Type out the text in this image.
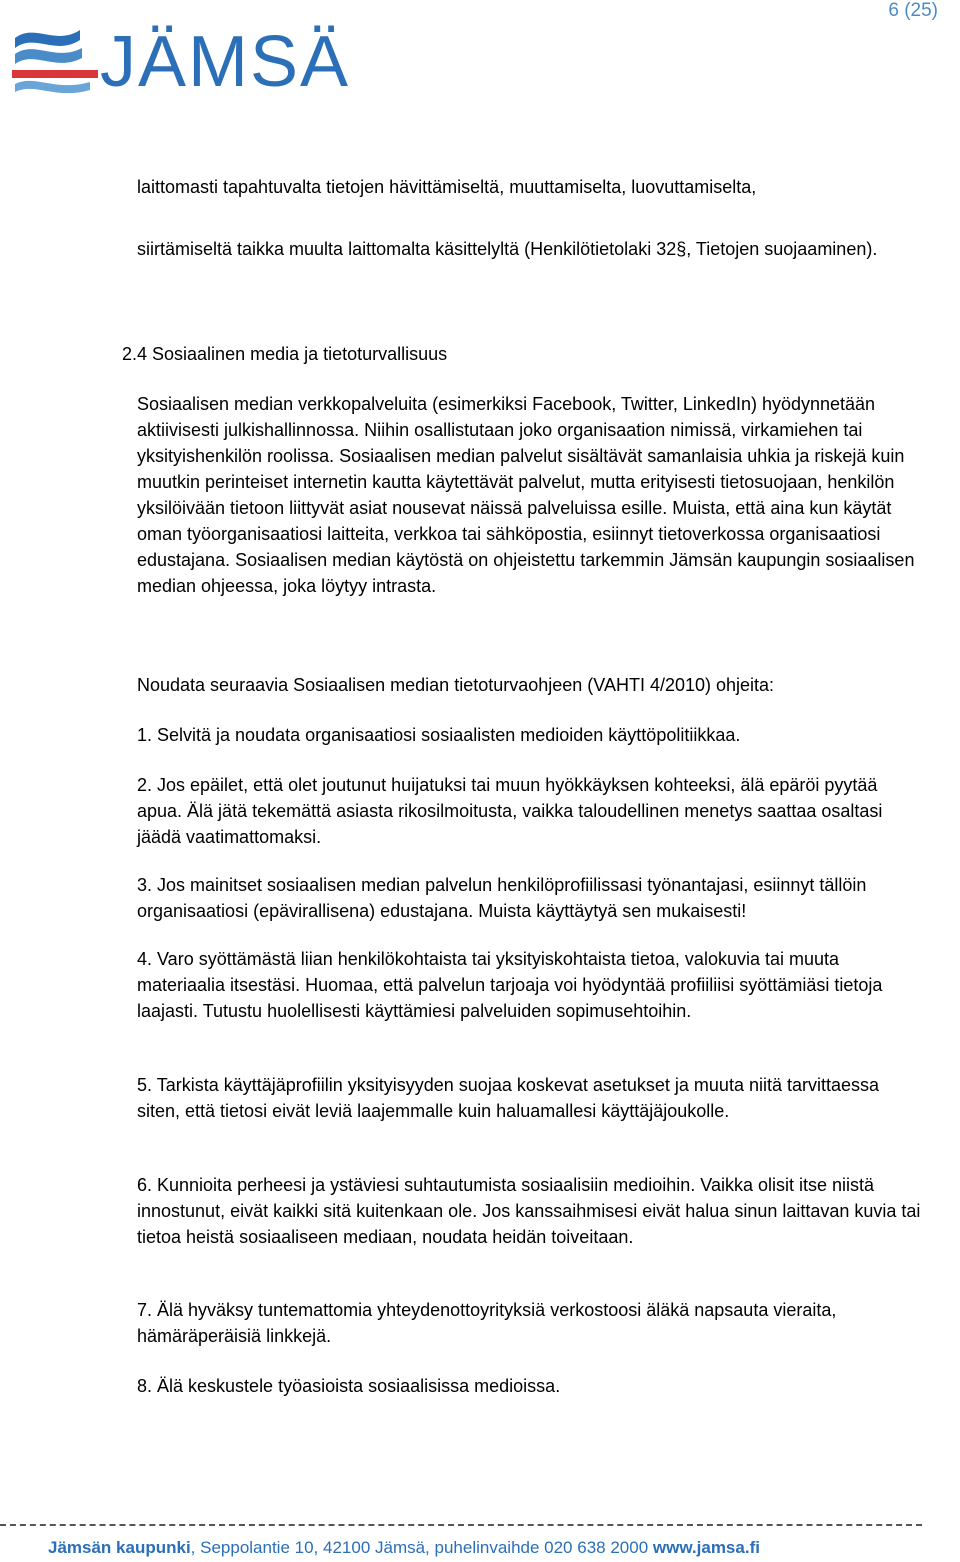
6 (25)
JÄMSÄ

laittomasti tapahtuvalta tietojen hävittämiseltä, muuttamiselta, luovuttamiselta,

siirtämiseltä taikka muulta laittomalta käsittelyltä (Henkilötietolaki 32§, Tietojen suojaaminen).

2.4 Sosiaalinen media ja tietoturvallisuus

Sosiaalisen median verkkopalveluita (esimerkiksi Facebook, Twitter, LinkedIn) hyödynnetään aktiivisesti julkishallinnossa. Niihin osallistutaan joko organisaation nimissä, virkamiehen tai yksityishenkilön roolissa. Sosiaalisen median palvelut sisältävät samanlaisia uhkia ja riskejä kuin muutkin perinteiset internetin kautta käytettävät palvelut, mutta erityisesti tietosuojaan, henkilön yksilöivään tietoon liittyvät asiat nousevat näissä palveluissa esille. Muista, että aina kun käytät oman työorganisaatiosi laitteita, verkkoa tai sähköpostia, esiinnyt tietoverkossa organisaatiosi edustajana. Sosiaalisen median käytöstä on ohjeistettu tarkemmin Jämsän kaupungin sosiaalisen median ohjeessa, joka löytyy intrasta.

Noudata seuraavia Sosiaalisen median tietoturvaohjeen (VAHTI 4/2010) ohjeita:

1. Selvitä ja noudata organisaatiosi sosiaalisten medioiden käyttöpolitiikkaa.

2. Jos epäilet, että olet joutunut huijatuksi tai muun hyökkäyksen kohteeksi, älä epäröi pyytää apua. Älä jätä tekemättä asiasta rikosilmoitusta, vaikka taloudellinen menetys saattaa osaltasi jäädä vaatimattomaksi.

3. Jos mainitset sosiaalisen median palvelun henkilöprofiilissasi työnantajasi, esiinnyt tällöin organisaatiosi (epävirallisena) edustajana. Muista käyttäytyä sen mukaisesti!

4. Varo syöttämästä liian henkilökohtaista tai yksityiskohtaista tietoa, valokuvia tai muuta materiaalia itsestäsi. Huomaa, että palvelun tarjoaja voi hyödyntää profiiliisi syöttämiäsi tietoja laajasti. Tutustu huolellisesti käyttämiesi palveluiden sopimusehtoihin.

5. Tarkista käyttäjäprofiilin yksityisyyden suojaa koskevat asetukset ja muuta niitä tarvittaessa siten, että tietosi eivät leviä laajemmalle kuin haluamallesi käyttäjäjoukolle.

6. Kunnioita perheesi ja ystäviesi suhtautumista sosiaalisiin medioihin. Vaikka olisit itse niistä innostunut, eivät kaikki sitä kuitenkaan ole. Jos kanssaihmisesi eivät halua sinun laittavan kuvia tai tietoa heistä sosiaaliseen mediaan, noudata heidän toiveitaan.

7. Älä hyväksy tuntemattomia yhteydenottoyrityksiä verkostoosi äläkä napsauta vieraita, hämäräperäisiä linkkejä.

8. Älä keskustele työasioista sosiaalisissa medioissa.

Jämsän kaupunki, Seppolantie 10, 42100 Jämsä, puhelinvaihde 020 638 2000 www.jamsa.fi
